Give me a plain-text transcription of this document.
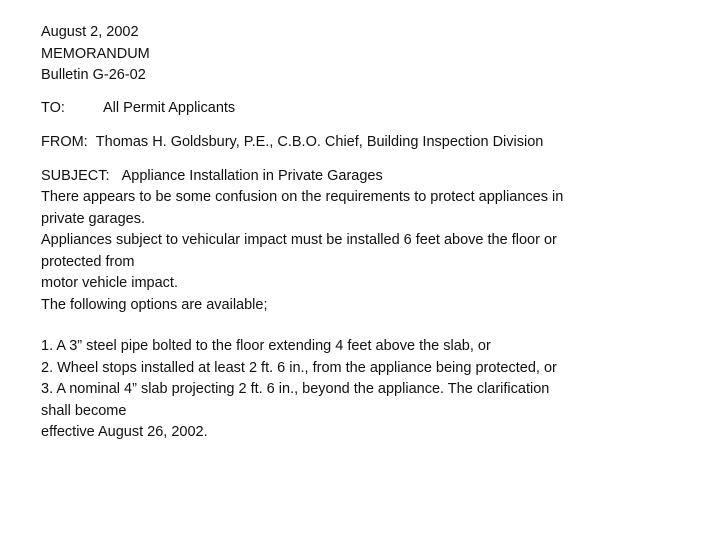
August 2, 2002
MEMORANDUM
Bulletin G-26-02
TO:	All Permit Applicants
FROM: Thomas H. Goldsbury, P.E., C.B.O. Chief, Building Inspection Division
SUBJECT: Appliance Installation in Private Garages
There appears to be some confusion on the requirements to protect appliances in
private garages.
Appliances subject to vehicular impact must be installed 6 feet above the floor or
protected from
motor vehicle impact.
The following options are available;
1. A 3” steel pipe bolted to the floor extending 4 feet above the slab, or
2. Wheel stops installed at least 2 ft. 6 in., from the appliance being protected, or
3. A nominal 4” slab projecting 2 ft. 6 in., beyond the appliance. The clarification
shall become
effective August 26, 2002.
